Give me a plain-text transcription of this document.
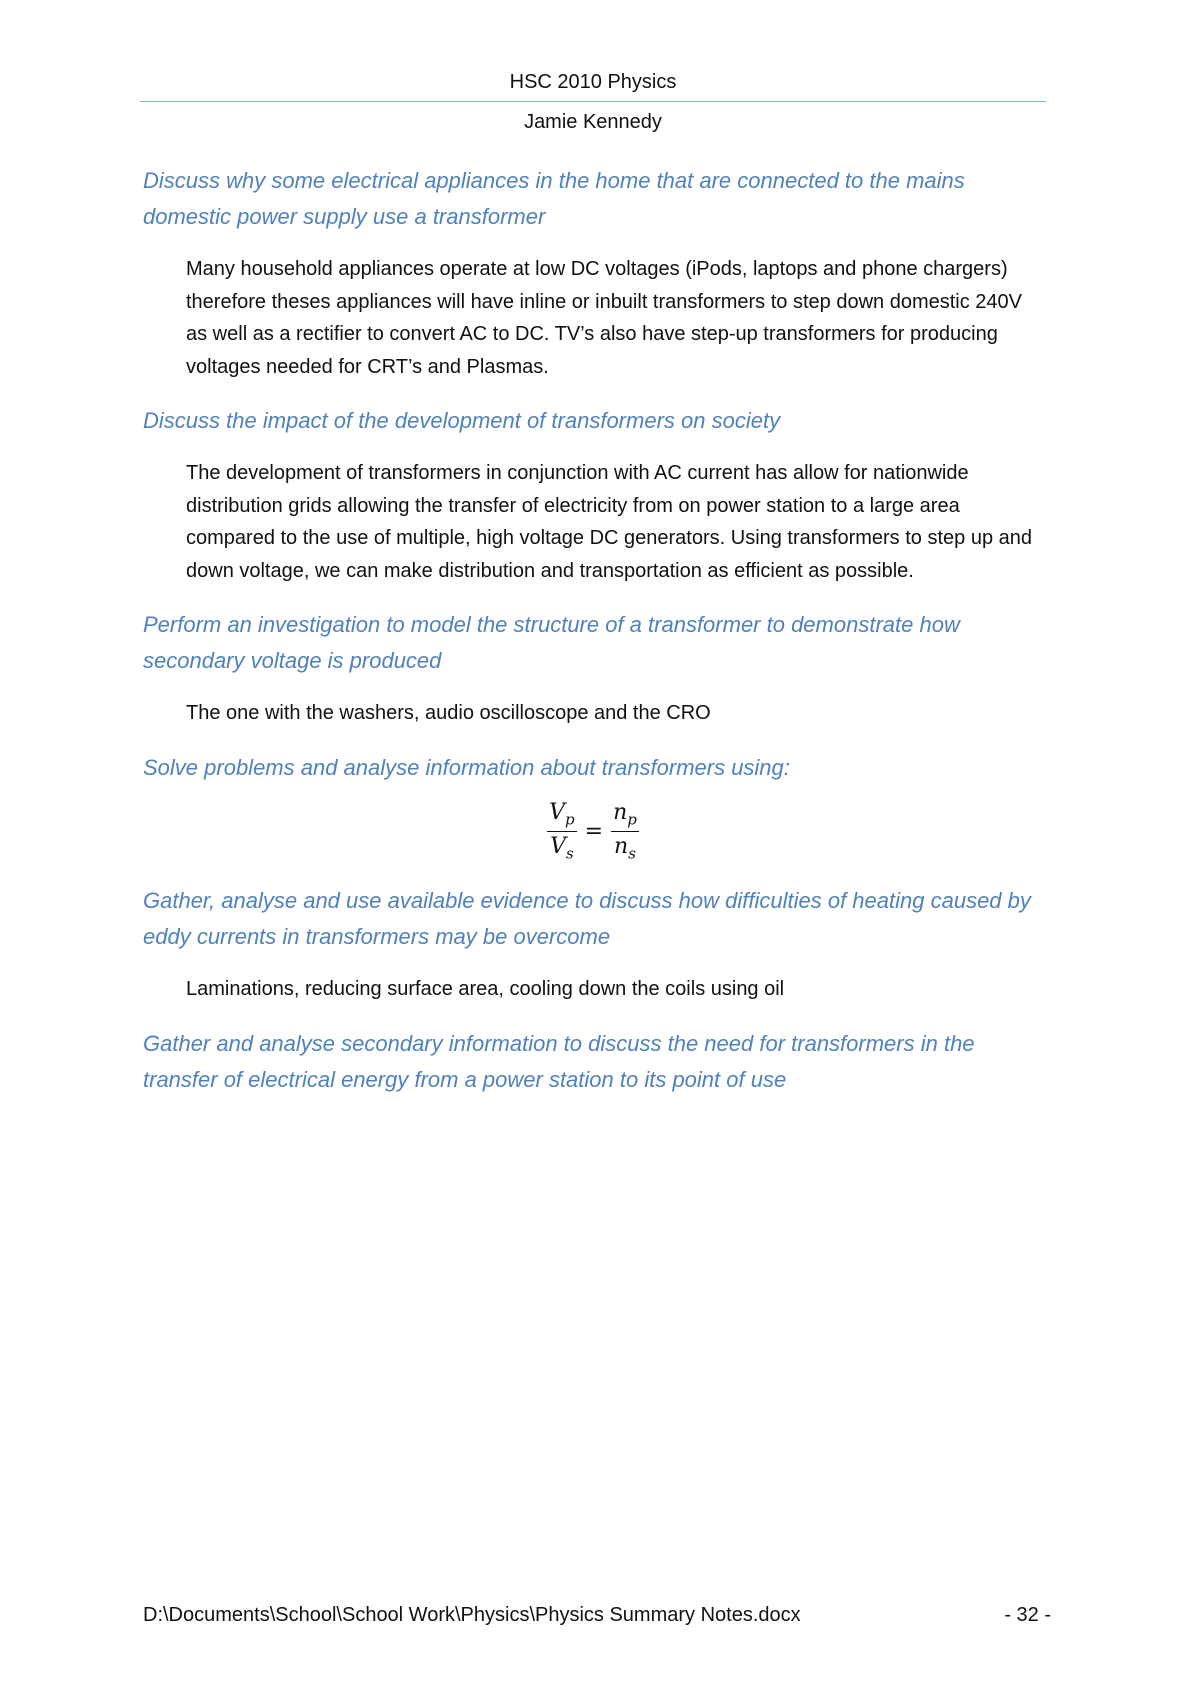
HSC 2010 Physics

Jamie Kennedy

Discuss why some electrical appliances in the home that are connected to the mains domestic power supply use a transformer

Many household appliances operate at low DC voltages (iPods, laptops and phone chargers) therefore theses appliances will have inline or inbuilt transformers to step down domestic 240V as well as a rectifier to convert AC to DC. TV’s also have step-up transformers for producing voltages needed for CRT’s and Plasmas.

Discuss the impact of the development of transformers on society

The development of transformers in conjunction with AC current has allow for nationwide distribution grids allowing the transfer of electricity from on power station to a large area compared to the use of multiple, high voltage DC generators. Using transformers to step up and down voltage, we can make distribution and transportation as efficient as possible.

Perform an investigation to model the structure of a transformer to demonstrate how secondary voltage is produced

The one with the washers, audio oscilloscope and the CRO

Solve problems and analyse information about transformers using:

$\frac{V_p}{V_s} = \frac{n_p}{n_s}$

Gather, analyse and use available evidence to discuss how difficulties of heating caused by eddy currents in transformers may be overcome

Laminations, reducing surface area, cooling down the coils using oil

Gather and analyse secondary information to discuss the need for transformers in the transfer of electrical energy from a power station to its point of use

D:\Documents\School\School Work\Physics\Physics Summary Notes.docx	- 32 -
